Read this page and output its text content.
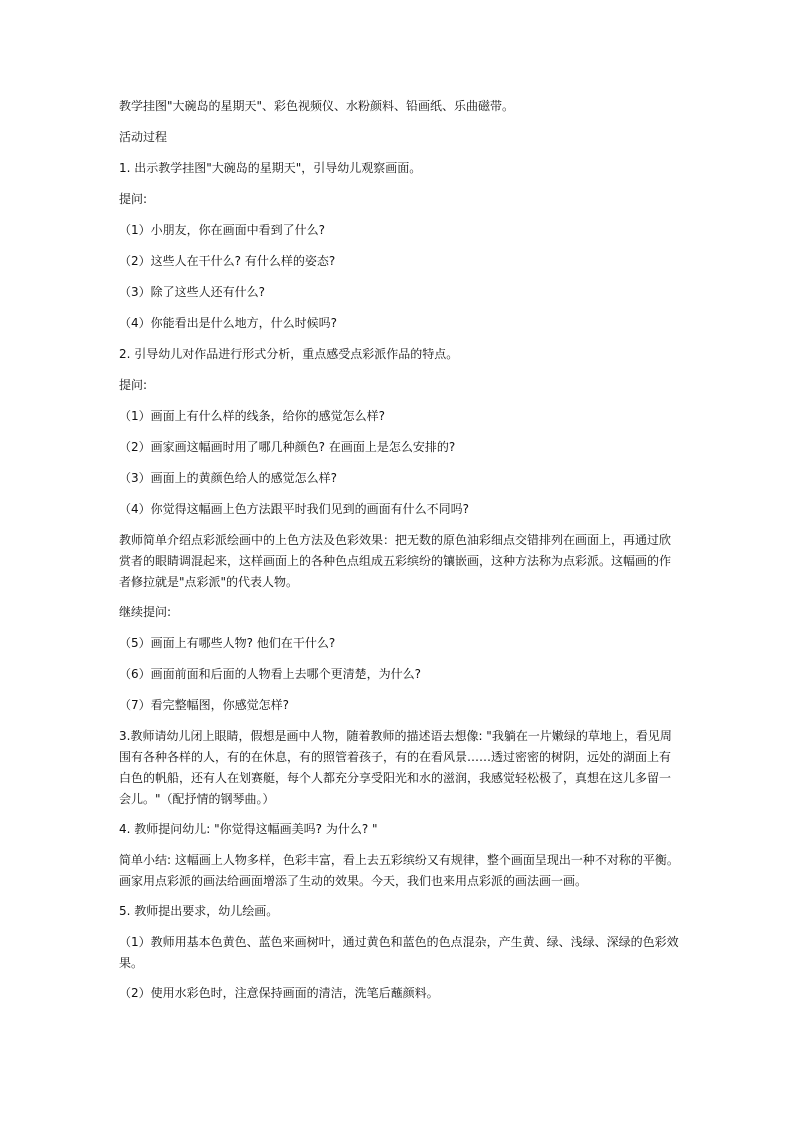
教学挂图"大碗岛的星期天"、彩色视频仪、水粉颜料、铅画纸、乐曲磁带。

活动过程

1. 出示教学挂图"大碗岛的星期天"，引导幼儿观察画面。

提问:

（1）小朋友，你在画面中看到了什么?

（2）这些人在干什么? 有什么样的姿态?

（3）除了这些人还有什么?

（4）你能看出是什么地方，什么时候吗?

2. 引导幼儿对作品进行形式分析，重点感受点彩派作品的特点。

提问:

（1）画面上有什么样的线条，给你的感觉怎么样?

（2）画家画这幅画时用了哪几种颜色? 在画面上是怎么安排的?

（3）画面上的黄颜色给人的感觉怎么样?

（4）你觉得这幅画上色方法跟平时我们见到的画面有什么不同吗?

教师简单介绍点彩派绘画中的上色方法及色彩效果：把无数的原色油彩细点交错排列在画面上，再通过欣赏者的眼睛调混起来，这样画面上的各种色点组成五彩缤纷的镶嵌画，这种方法称为点彩派。这幅画的作者修拉就是"点彩派"的代表人物。

继续提问:

（5）画面上有哪些人物? 他们在干什么?

（6）画面前面和后面的人物看上去哪个更清楚，为什么?

（7）看完整幅图，你感觉怎样?

3.教师请幼儿闭上眼睛，假想是画中人物，随着教师的描述语去想像: "我躺在一片嫩绿的草地上，看见周围有各种各样的人，有的在休息，有的照管着孩子，有的在看风景……透过密密的树阴，远处的湖面上有白色的帆船，还有人在划赛艇，每个人都充分享受阳光和水的滋润，我感觉轻松极了，真想在这儿多留一会儿。"（配抒情的钢琴曲。）

4. 教师提问幼儿: "你觉得这幅画美吗? 为什么? "

简单小结: 这幅画上人物多样，色彩丰富，看上去五彩缤纷又有规律，整个画面呈现出一种不对称的平衡。画家用点彩派的画法给画面增添了生动的效果。今天，我们也来用点彩派的画法画一画。

5. 教师提出要求，幼儿绘画。

（1）教师用基本色黄色、蓝色来画树叶，通过黄色和蓝色的色点混杂，产生黄、绿、浅绿、深绿的色彩效果。

（2）使用水彩色时，注意保持画面的清洁，洗笔后蘸颜料。
